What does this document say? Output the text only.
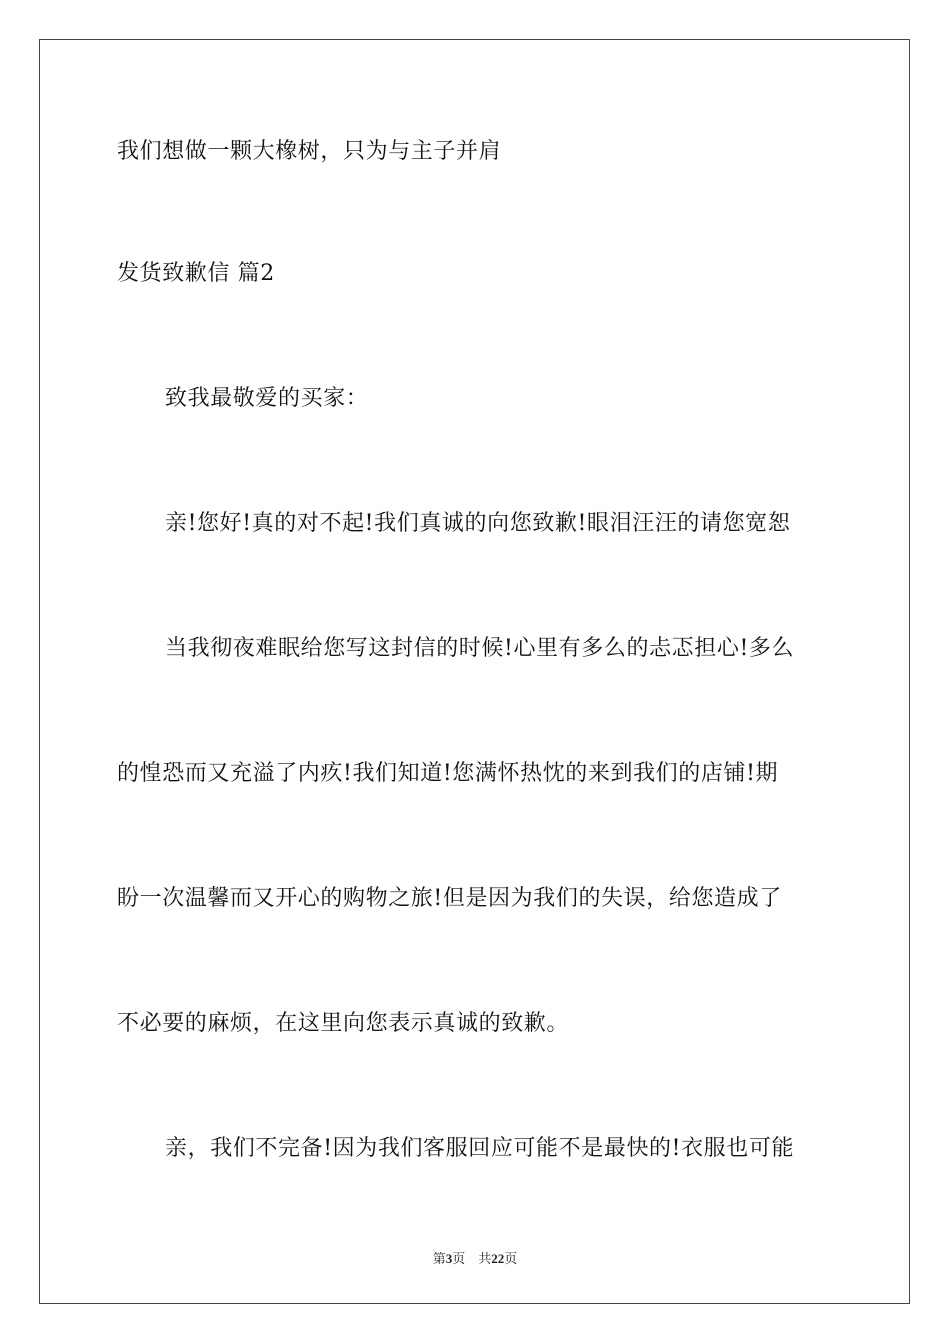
我们想做一颗大橡树，只为与主子并肩
发货致歉信 篇2
致我最敬爱的买家：
亲!您好!真的对不起!我们真诚的向您致歉!眼泪汪汪的请您宽恕
当我彻夜难眠给您写这封信的时候!心里有多么的忐忑担心!多么
的惶恐而又充溢了内疚!我们知道!您满怀热忱的来到我们的店铺!期
盼一次温馨而又开心的购物之旅!但是因为我们的失误，给您造成了
不必要的麻烦，在这里向您表示真诚的致歉。
亲，我们不完备!因为我们客服回应可能不是最快的!衣服也可能
第3页 共22页
